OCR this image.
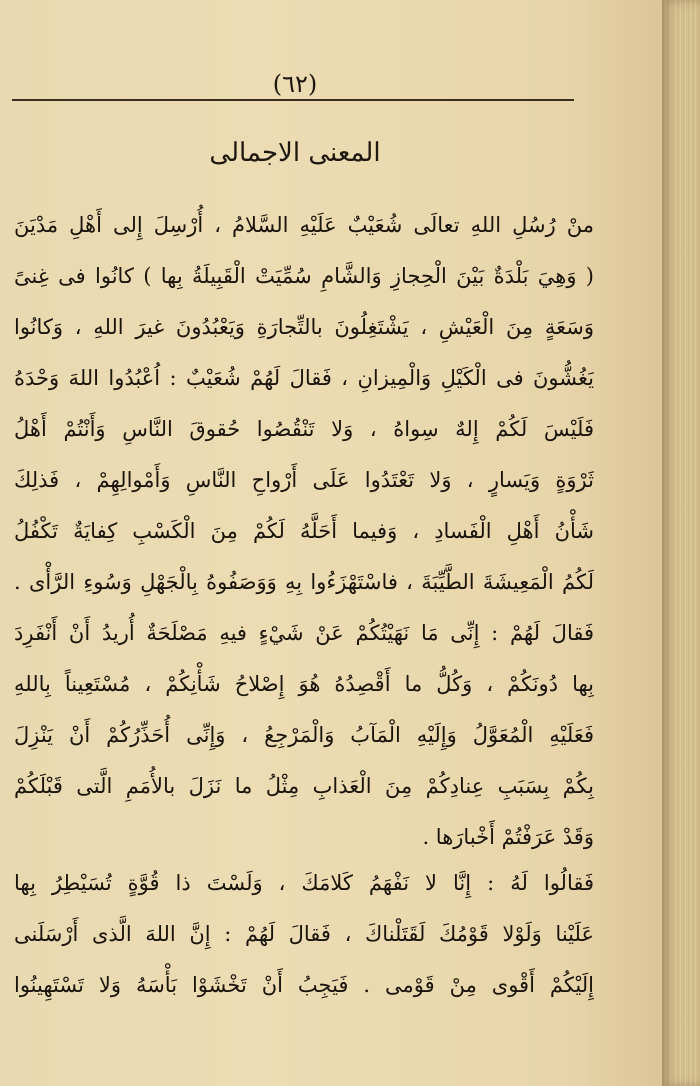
(٦٢)
المعنى الاجمالى
منْ رُسُلِ اللهِ تعالَى شُعَيْبٌ عَلَيْهِ السَّلامُ ، أُرْسِلَ إِلى أَهْلِ مَدْيَنَ
( وَهِيَ بَلْدَةٌ بَيْنَ الْحِجازِ وَالشَّامِ سُمِّيَتْ الْقَبِيلَةُ بِها ) كانُوا فى غِنىً
وَسَعَةٍ مِنَ الْعَيْشِ ، يَشْتَغِلُونَ بالتِّجارَةِ وَيَعْبُدُونَ غيرَ اللهِ ، وَكانُوا
يَغُشُّونَ فى الْكَيْلِ وَالْمِيزانِ ، فَقالَ لَهُمْ شُعَيْبٌ : اُعْبُدُوا اللهَ وَحْدَهُ
فَلَيْسَ لَكُمْ إِلهٌ سِواهُ ، وَلا تَنْقُصُوا حُقوقَ النَّاسِ وَأَنْتُمْ أَهْلُ
ثَرْوَةٍ وَيَسارٍ ، وَلا تَعْتَدُوا عَلَى أَرْواحِ النَّاسِ وَأَمْوالِهِمْ ، فَذلِكَ
شَأْنُ أَهْلِ الْفَسادِ ، وَفيما أَحَلَّهُ لَكُمْ مِنَ الْكَسْبِ كِفايَةٌ تَكْفُلُ
لَكُمُ الْمَعِيشَةَ الطَّيِّبَةَ ، فاسْتَهْزَءُوا بِهِ وَوَصَفُوهُ بِالْجَهْلِ وَسُوءِ الرَّأْى .
فَقالَ لَهُمْ : إِنِّى مَا نَهَيْتُكُمْ عَنْ شَيْءٍ فيهِ مَصْلَحَةٌ أُريدُ أَنْ أَنْفَرِدَ
بِها دُونَكُمْ ، وَكُلُّ ما أَقْصِدُهُ هُوَ إِصْلاحُ شَأْنِكُمْ ، مُسْتَعِيناً بِاللهِ
فَعَلَيْهِ الْمُعَوَّلُ وَإِلَيْهِ الْمَآبُ وَالْمَرْجِعُ ، وَإِنِّى أُحَذِّرُكُمْ أَنْ يَنْزِلَ
بِكُمْ بِسَبَبِ عِنادِكُمْ مِنَ الْعَذابِ مِثْلُ ما نَزَلَ بالأُمَمِ الَّتى قَبْلَكُمْ
وَقَدْ عَرَفْتُمْ أَخْبارَها .
فَقالُوا لَهُ : إِنَّا لا نَفْهَمُ كَلامَكَ ، وَلَسْتَ ذا قُوَّةٍ تُسَيْطِرُ بِها
عَلَيْنا وَلَوْلا قَوْمُكَ لَقَتَلْناكَ ، فَقالَ لَهُمْ : إِنَّ اللهَ الَّذى أَرْسَلَنى
إِلَيْكُمْ أَقْوى مِنْ قَوْمى . فَيَجِبُ أَنْ تَخْشَوْا بَأْسَهُ وَلا تَسْتَهِينُوا
